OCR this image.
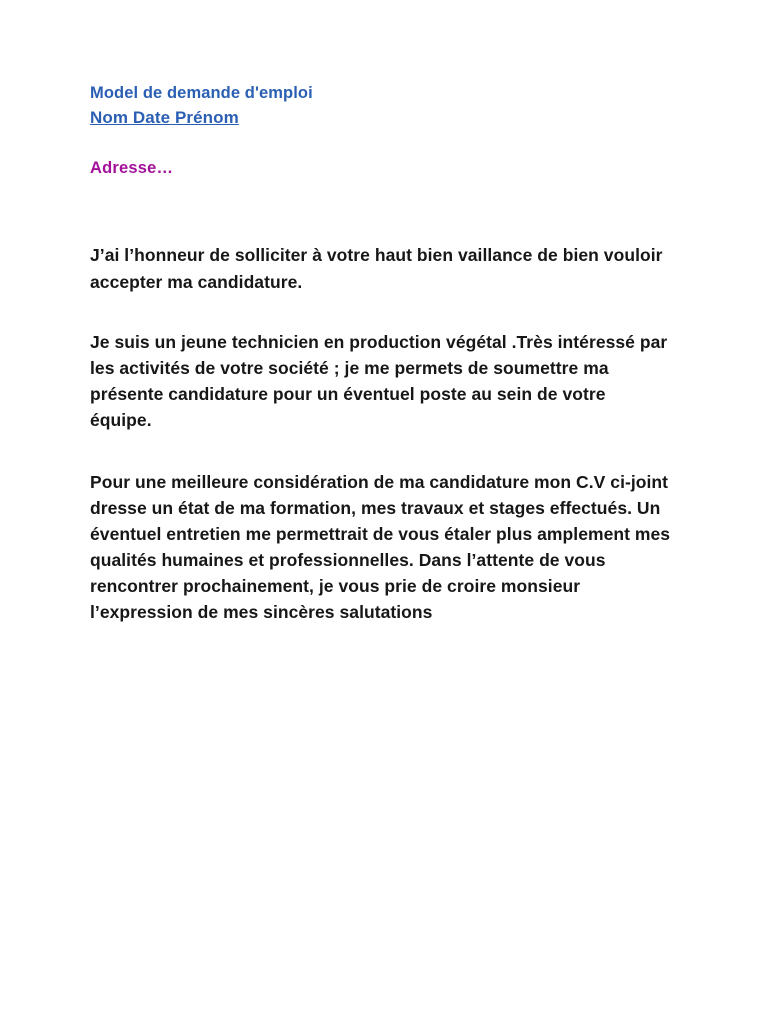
Model de demande d'emploi
Nom Date Prénom
Adresse…

J’ai l’honneur de solliciter à votre haut bien vaillance de bien vouloir accepter ma candidature.

Je suis un jeune technicien en production végétal .Très intéressé par les activités de votre société ; je me permets de soumettre ma présente candidature pour un éventuel poste au sein de votre équipe.

Pour une meilleure considération de ma candidature mon C.V ci-joint dresse un état de ma formation, mes travaux et stages effectués. Un éventuel entretien me permettrait de vous étaler plus amplement mes qualités humaines et professionnelles. Dans l’attente de vous rencontrer prochainement, je vous prie de croire monsieur l’expression de mes sincères salutations
